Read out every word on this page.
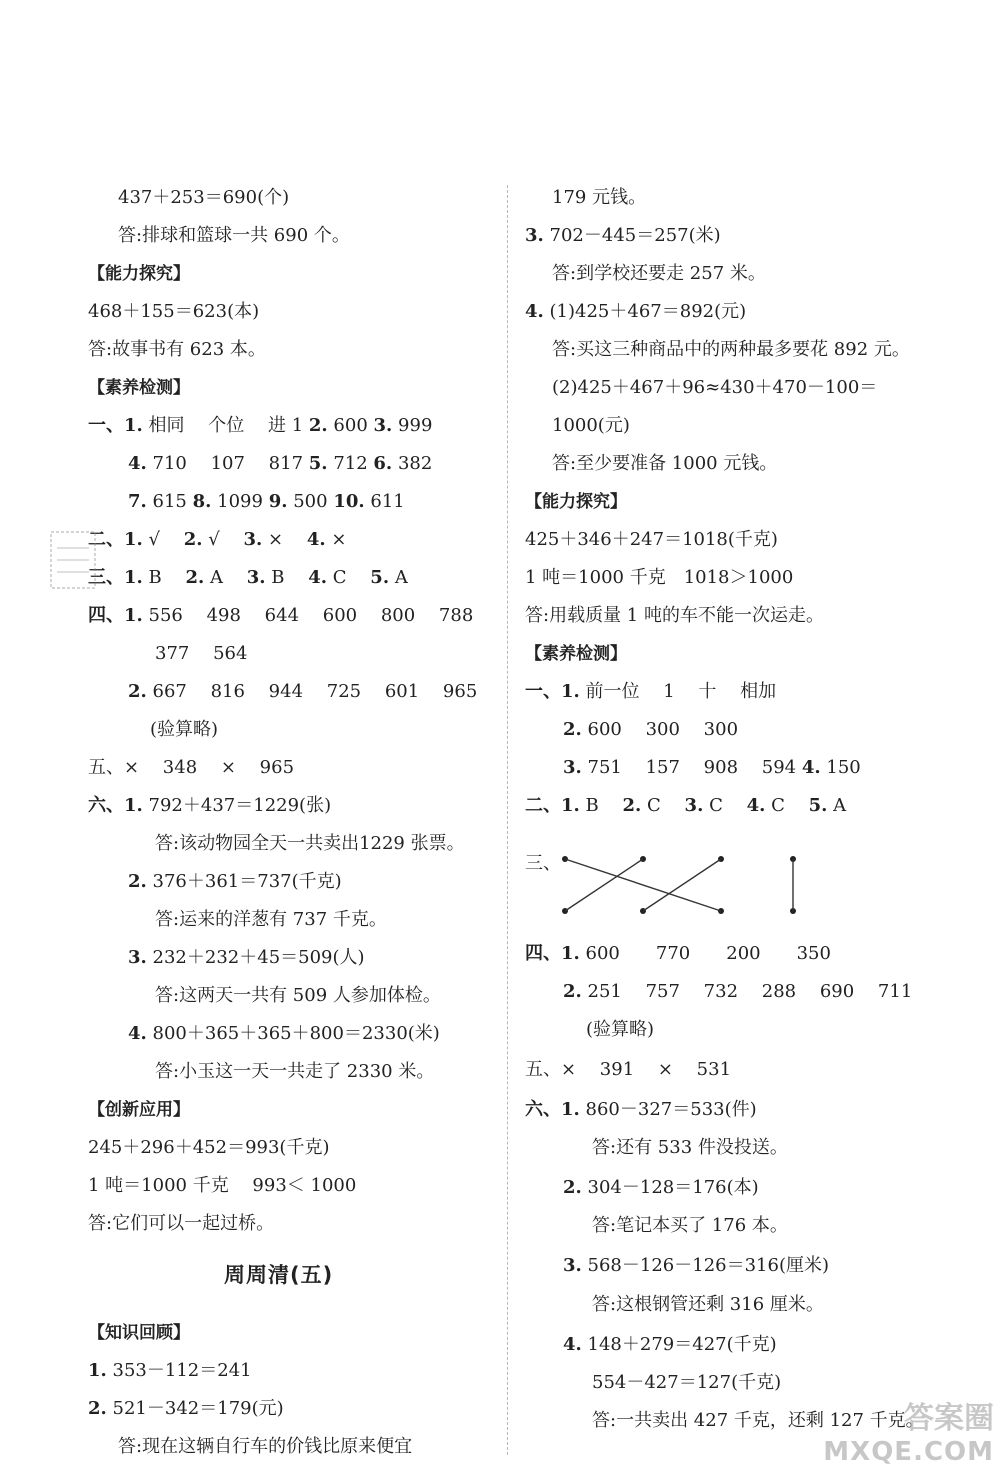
437＋253＝690(个)
答:排球和篮球一共 690 个。
【能力探究】
468＋155＝623(本)
答:故事书有 623 本。
【素养检测】
一、1. 相同　 个位 　进 1 2. 600 3. 999
4. 710　 107　 817 5. 712 6. 382
7. 615 8. 1099 9. 500 10. 611
二、1. √　 2. √　 3. ×　 4. ×
三、1. B　 2. A　 3. B　 4. C　 5. A
四、1. 556　 498　 644　 600　 800　 788
377　 564
2. 667　 816　 944　 725　 601　 965
(验算略)
五、×　 348　 ×　 965
六、1. 792＋437＝1229(张)
答:该动物园全天一共卖出1229 张票。
2. 376＋361＝737(千克)
答:运来的洋葱有 737 千克。
3. 232＋232＋45＝509(人)
答:这两天一共有 509 人参加体检。
4. 800＋365＋365＋800＝2330(米)
答:小玉这一天一共走了 2330 米。
【创新应用】
245＋296＋452＝993(千克)
1 吨＝1000 千克　 993＜ 1000
答:它们可以一起过桥。
周周清(五)
【知识回顾】
1. 353－112＝241
2. 521－342＝179(元)
答:现在这辆自行车的价钱比原来便宜
179 元钱。
3. 702－445＝257(米)
答:到学校还要走 257 米。
4. (1)425＋467＝892(元)
答:买这三种商品中的两种最多要花 892 元。
(2)425＋467＋96≈430＋470－100＝
1000(元)
答:至少要准备 1000 元钱。
【能力探究】
425＋346＋247＝1018(千克)
1 吨＝1000 千克　1018＞1000
答:用载质量 1 吨的车不能一次运走。
【素养检测】
一、1. 前一位　 1　 十　 相加
2. 600　 300　 300
3. 751　 157　 908　 594 4. 150
二、1. B　 2. C　 3. C　 4. C　 5. A
三、
四、1. 600　　770　　200　　350
2. 251　 757　 732　 288　 690　 711
(验算略)
五、×　 391　 ×　 531
六、1. 860－327＝533(件)
答:还有 533 件没投送。
2. 304－128＝176(本)
答:笔记本买了 176 本。
3. 568－126－126＝316(厘米)
答:这根钢管还剩 316 厘米。
4. 148＋279＝427(千克)
554－427＝127(千克)
答:一共卖出 427 千克，还剩 127 千克。
答案圈
MXQE.COM
